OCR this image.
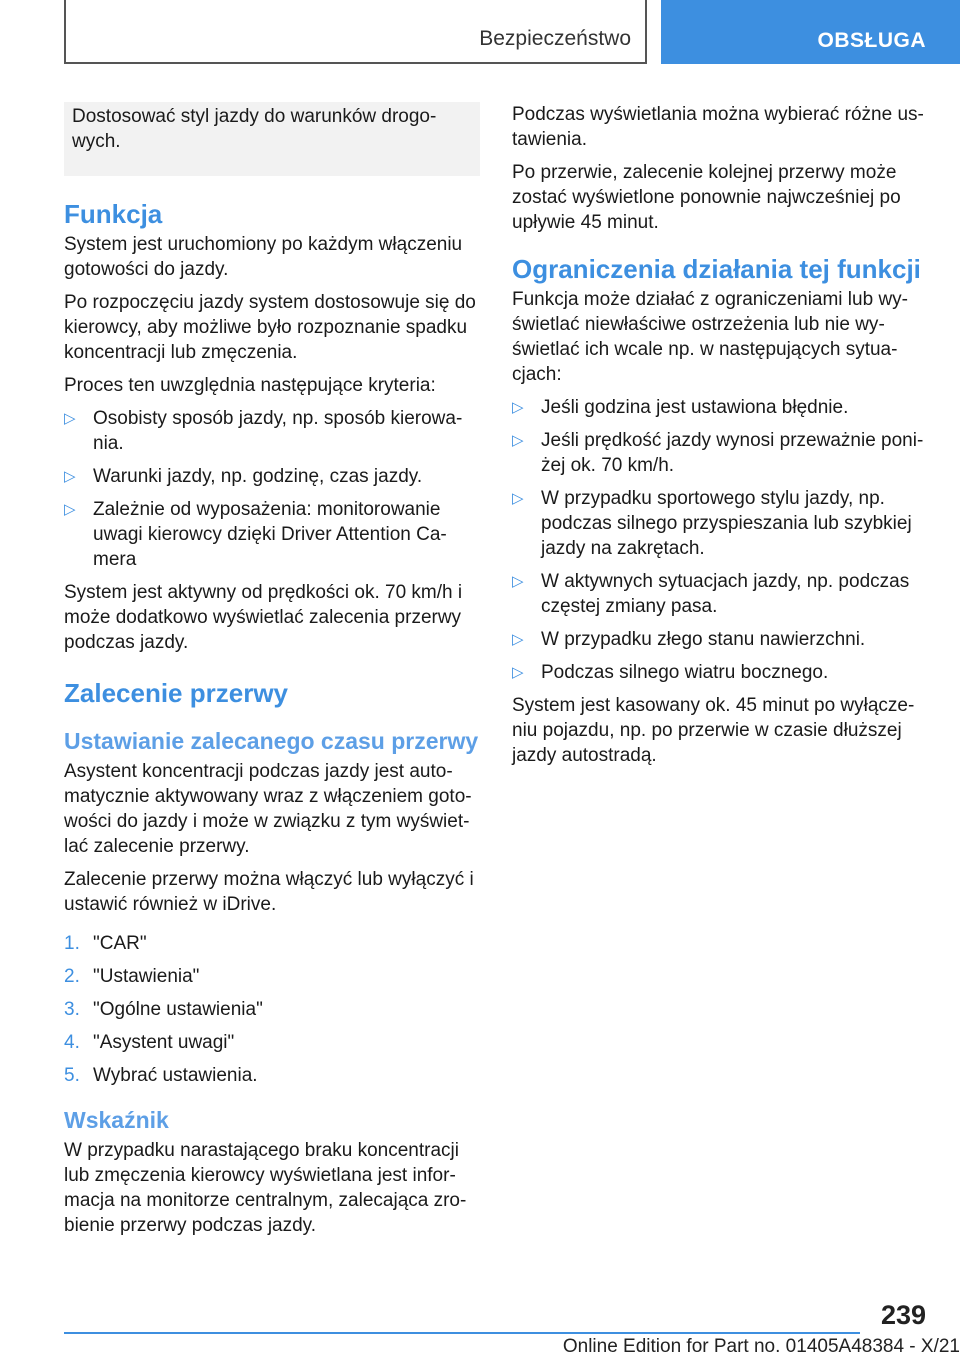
Bezpieczeństwo	OBSŁUGA

Dostosować styl jazdy do warunków drogowych.

Funkcja

System jest uruchomiony po każdym włączeniu gotowości do jazdy.

Po rozpoczęciu jazdy system dostosowuje się do kierowcy, aby możliwe było rozpoznanie spadku koncentracji lub zmęczenia.

Proces ten uwzględnia następujące kryteria:

▷ Osobisty sposób jazdy, np. sposób kierowania.
▷ Warunki jazdy, np. godzinę, czas jazdy.
▷ Zależnie od wyposażenia: monitorowanie uwagi kierowcy dzięki Driver Attention Camera

System jest aktywny od prędkości ok. 70 km/h i może dodatkowo wyświetlać zalecenia przerwy podczas jazdy.

Zalecenie przerwy
Ustawianie zalecanego czasu przerwy

Asystent koncentracji podczas jazdy jest automatycznie aktywowany wraz z włączeniem gotowości do jazdy i może w związku z tym wyświetlać zalecenie przerwy.

Zalecenie przerwy można włączyć lub wyłączyć i ustawić również w iDrive.

1. "CAR"
2. "Ustawienia"
3. "Ogólne ustawienia"
4. "Asystent uwagi"
5. Wybrać ustawienia.
Wskaźnik

W przypadku narastającego braku koncentracji lub zmęczenia kierowcy wyświetlana jest informacja na monitorze centralnym, zalecająca zrobienie przerwy podczas jazdy.

Podczas wyświetlania można wybierać różne ustawienia.

Po przerwie, zalecenie kolejnej przerwy może zostać wyświetlone ponownie najwcześniej po upływie 45 minut.

Ograniczenia działania tej funkcji

Funkcja może działać z ograniczeniami lub wyświetlać niewłaściwe ostrzeżenia lub nie wyświetlać ich wcale np. w następujących sytuacjach:

▷ Jeśli godzina jest ustawiona błędnie.
▷ Jeśli prędkość jazdy wynosi przeważnie poniżej ok. 70 km/h.
▷ W przypadku sportowego stylu jazdy, np. podczas silnego przyspieszania lub szybkiej jazdy na zakrętach.
▷ W aktywnych sytuacjach jazdy, np. podczas częstej zmiany pasa.
▷ W przypadku złego stanu nawierzchni.
▷ Podczas silnego wiatru bocznego.

System jest kasowany ok. 45 minut po wyłączeniu pojazdu, np. po przerwie w czasie dłuższej jazdy autostradą.

239
Online Edition for Part no. 01405A48384 - X/21
